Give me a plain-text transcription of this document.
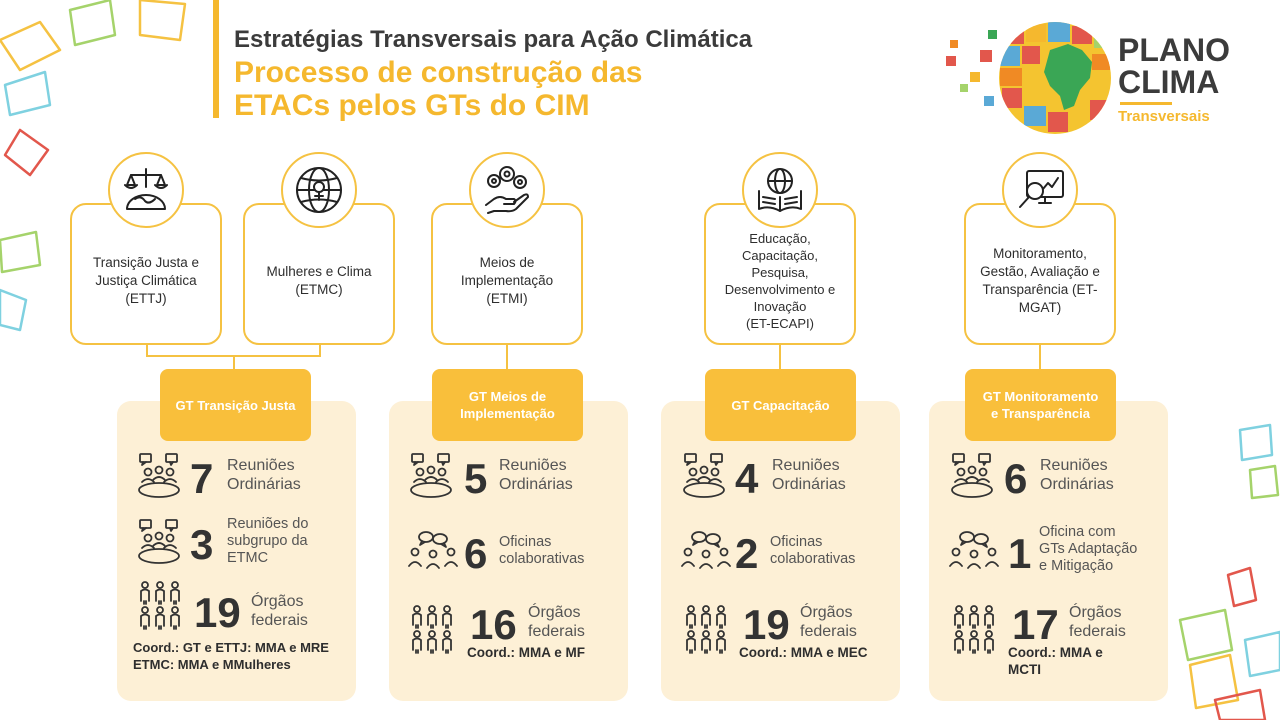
Estratégias Transversais para Ação Climática
Processo de construção das
ETACs pelos GTs do CIM
PLANO
CLIMA
Transversais
Transição Justa e
Justiça Climática
(ETTJ)
Mulheres e Clima
(ETMC)
Meios de
Implementação
(ETMI)
Educação,
Capacitação,
Pesquisa,
Desenvolvimento e
Inovação
(ET-ECAPI)
Monitoramento,
Gestão, Avaliação e
Transparência (ET-
MGAT)
GT Transição Justa
GT Meios de
Implementação
GT Capacitação
GT Monitoramento
e Transparência
7 Reuniões
Ordinárias
3 Reuniões do
subgrupo da
ETMC
19 Órgãos
federais
Coord.: GT e ETTJ: MMA e MRE
ETMC: MMA e MMulheres
5 Reuniões
Ordinárias
6 Oficinas
colaborativas
16 Órgãos
federais
Coord.: MMA e MF
4 Reuniões
Ordinárias
2 Oficinas
colaborativas
19 Órgãos
federais
Coord.: MMA e MEC
6 Reuniões
Ordinárias
1 Oficina com
GTs Adaptação
e Mitigação
17 Órgãos
federais
Coord.: MMA e
MCTI
